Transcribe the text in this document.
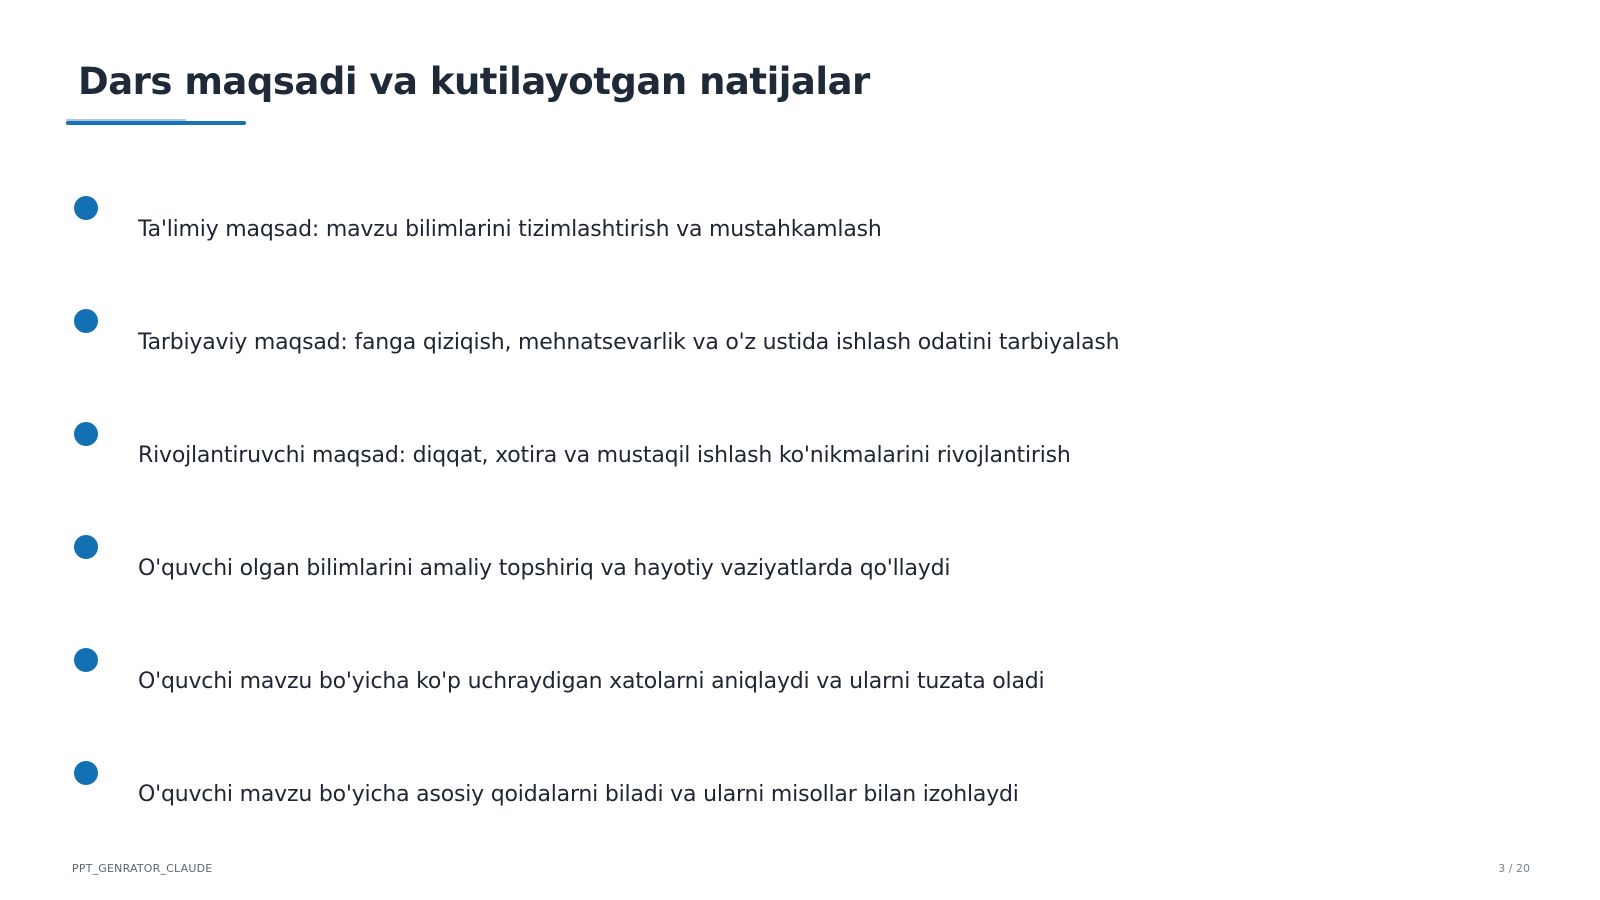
Dars maqsadi va kutilayotgan natijalar
Ta'limiy maqsad: mavzu bilimlarini tizimlashtirish va mustahkamlash
Tarbiyaviy maqsad: fanga qiziqish, mehnatsevarlik va o'z ustida ishlash odatini tarbiyalash
Rivojlantiruvchi maqsad: diqqat, xotira va mustaqil ishlash ko'nikmalarini rivojlantirish
O'quvchi olgan bilimlarini amaliy topshiriq va hayotiy vaziyatlarda qo'llaydi
O'quvchi mavzu bo'yicha ko'p uchraydigan xatolarni aniqlaydi va ularni tuzata oladi
O'quvchi mavzu bo'yicha asosiy qoidalarni biladi va ularni misollar bilan izohlaydi
PPT_GENRATOR_CLAUDE	3 / 20
